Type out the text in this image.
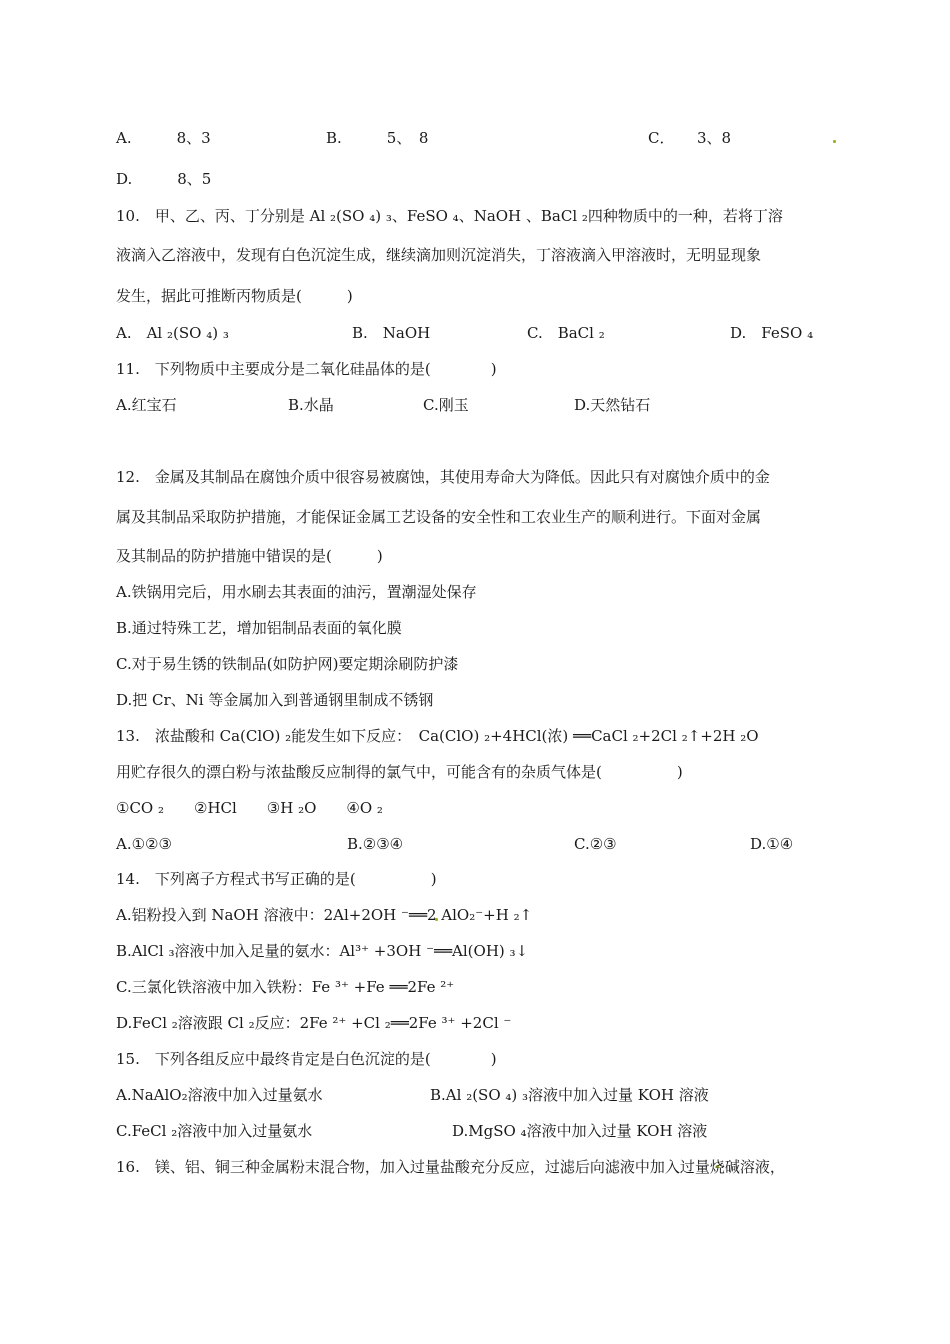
A.　　　8、3	B.　　　5、　8	C．　　3、8
D.　　　8、5
10.　甲、乙、丙、丁分别是 Al ₂(SO ₄) ₃、FeSO ₄、NaOH 、BaCl ₂四种物质中的一种，若将丁溶
液滴入乙溶液中，发现有白色沉淀生成，继续滴加则沉淀消失，丁溶液滴入甲溶液时，无明显现象
发生，据此可推断丙物质是(　　　)
A.　Al ₂(SO ₄) ₃	B.　NaOH	C.　BaCl ₂	D.　FeSO ₄
11.　下列物质中主要成分是二氧化硅晶体的是(　　　　)
A.红宝石	B.水晶	C.刚玉	D.天然钻石
12.　金属及其制品在腐蚀介质中很容易被腐蚀，其使用寿命大为降低。因此只有对腐蚀介质中的金
属及其制品采取防护措施，才能保证金属工艺设备的安全性和工农业生产的顺利进行。下面对金属
及其制品的防护措施中错误的是(　　　)
A.铁锅用完后，用水刷去其表面的油污，置潮湿处保存
B.通过特殊工艺，增加铝制品表面的氧化膜
C.对于易生锈的铁制品(如防护网)要定期涂刷防护漆
D.把 Cr、Ni 等金属加入到普通钢里制成不锈钢
13.　浓盐酸和 Ca(ClO) ₂能发生如下反应：　Ca(ClO) ₂+4HCl(浓) ══CaCl ₂+2Cl ₂↑+2H ₂O
用贮存很久的漂白粉与浓盐酸反应制得的氯气中，可能含有的杂质气体是(　　　　　)
①CO ₂　　②HCl　　③H ₂O　　④O ₂
A.①②③	B.②③④	C.②③	D.①④
14.　下列离子方程式书写正确的是(　　　　　)
A.铝粉投入到 NaOH 溶液中：2Al+2OH ⁻══2 AlO₂⁻+H ₂↑
B.AlCl ₃溶液中加入足量的氨水：Al³⁺ +3OH ⁻══Al(OH) ₃↓
C.三氯化铁溶液中加入铁粉：Fe ³⁺ +Fe ══2Fe ²⁺
D.FeCl ₂溶液跟 Cl ₂反应：2Fe ²⁺ +Cl ₂══2Fe ³⁺ +2Cl ⁻
15.　下列各组反应中最终肯定是白色沉淀的是(　　　　)
A.NaAlO₂溶液中加入过量氨水	B.Al ₂(SO ₄) ₃溶液中加入过量 KOH 溶液
C.FeCl ₂溶液中加入过量氨水	D.MgSO ₄溶液中加入过量 KOH 溶液
16.　镁、铝、铜三种金属粉末混合物，加入过量盐酸充分反应，过滤后向滤液中加入过量烧碱溶液，
